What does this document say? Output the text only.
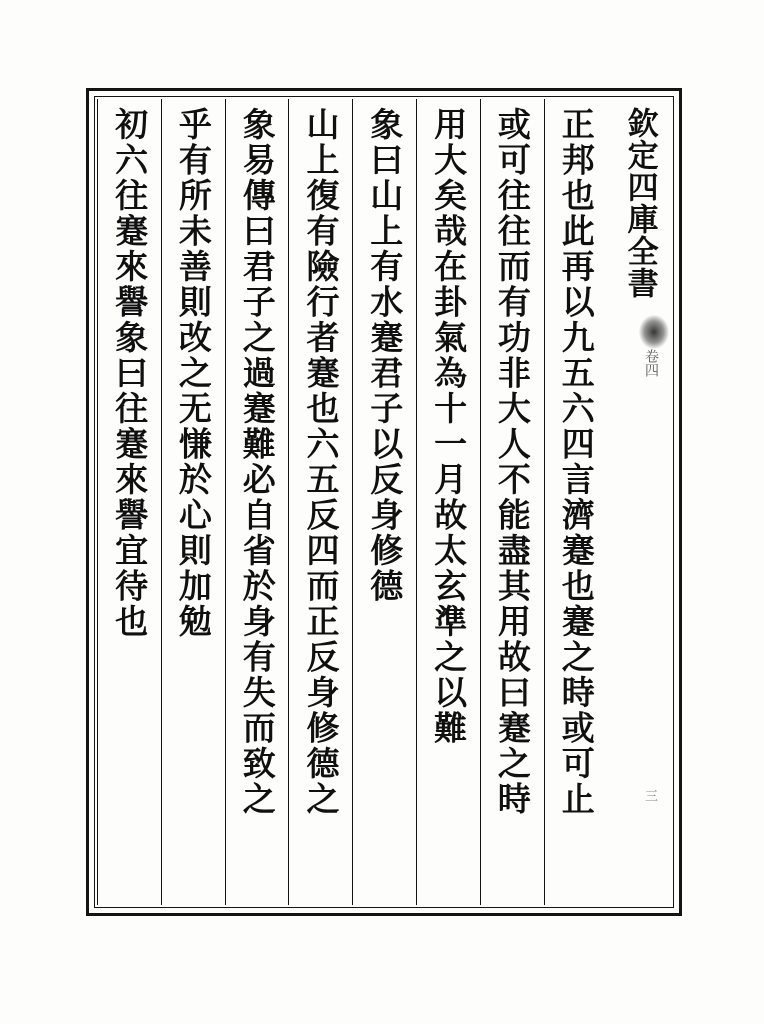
欽定四庫全書
卷四
三
正邦也此再以九五六四言濟蹇也蹇之時或可止
或可往往而有功非大人不能盡其用故曰蹇之時
用大矣哉在卦氣為十一月故太玄準之以難
象曰山上有水蹇君子以反身修德
山上復有險行者蹇也六五反四而正反身修德之
象易傳曰君子之過蹇難必自省於身有失而致之
乎有所未善則改之无慊於心則加勉
初六往蹇來譽象曰往蹇來譽宜待也
